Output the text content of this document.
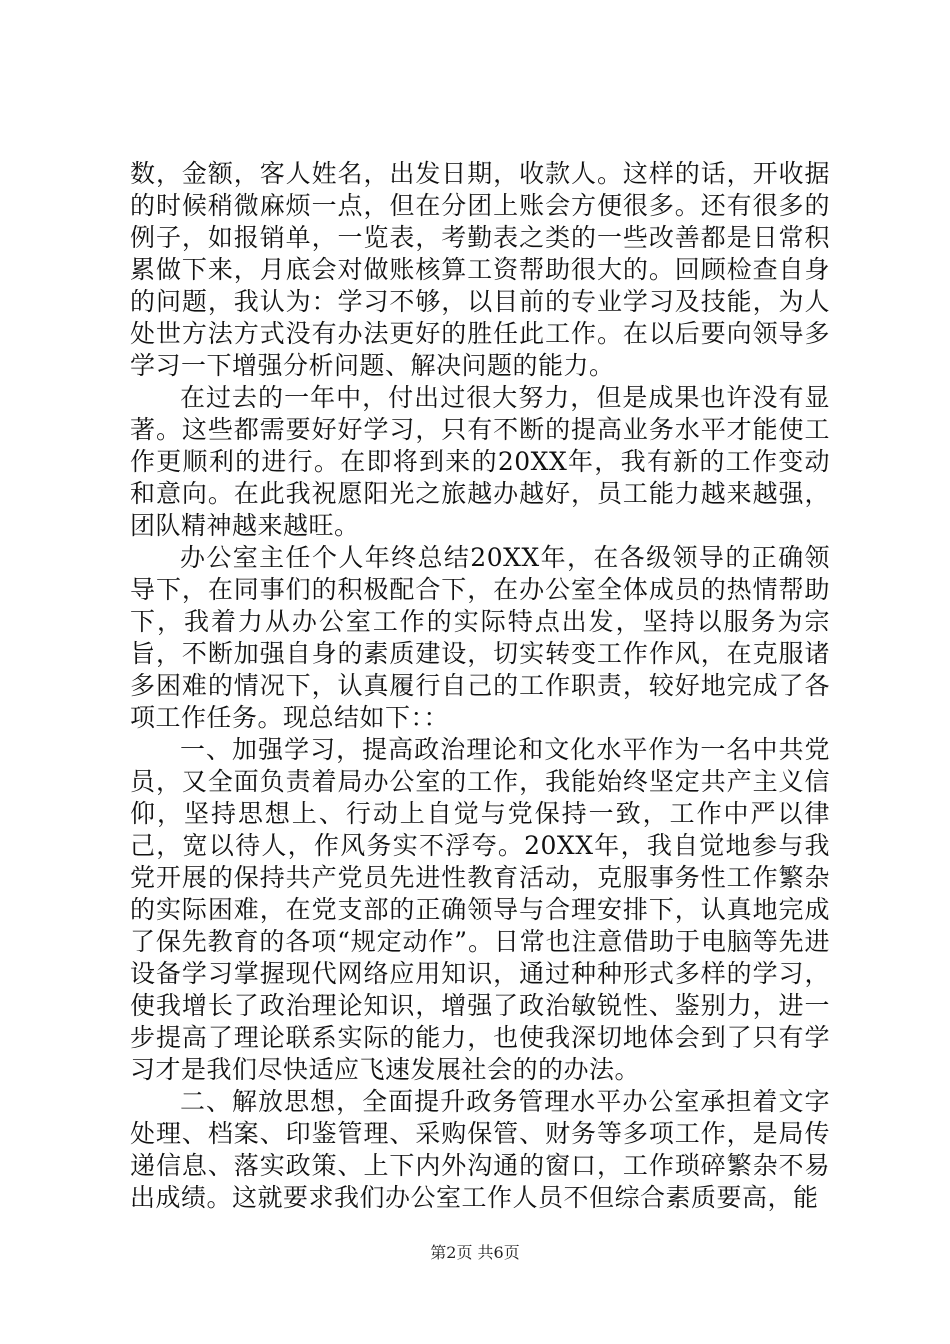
数，金额，客人姓名，出发日期，收款人。这样的话，开收据的时候稍微麻烦一点，但在分团上账会方便很多。还有很多的例子，如报销单，一览表，考勤表之类的一些改善都是日常积累做下来，月底会对做账核算工资帮助很大的。回顾检查自身的问题，我认为：学习不够，以目前的专业学习及技能，为人处世方法方式没有办法更好的胜任此工作。在以后要向领导多学习一下增强分析问题、解决问题的能力。

在过去的一年中，付出过很大努力，但是成果也许没有显著。这些都需要好好学习，只有不断的提高业务水平才能使工作更顺利的进行。在即将到来的20XX年，我有新的工作变动和意向。在此我祝愿阳光之旅越办越好，员工能力越来越强，团队精神越来越旺。

办公室主任个人年终总结20XX年，在各级领导的正确领导下，在同事们的积极配合下，在办公室全体成员的热情帮助下，我着力从办公室工作的实际特点出发，坚持以服务为宗旨，不断加强自身的素质建设，切实转变工作作风，在克服诸多困难的情况下，认真履行自己的工作职责，较好地完成了各项工作任务。现总结如下：：

一、加强学习，提高政治理论和文化水平作为一名中共党员，又全面负责着局办公室的工作，我能始终坚定共产主义信仰，坚持思想上、行动上自觉与党保持一致，工作中严以律己，宽以待人，作风务实不浮夸。20XX年，我自觉地参与我党开展的保持共产党员先进性教育活动，克服事务性工作繁杂的实际困难，在党支部的正确领导与合理安排下，认真地完成了保先教育的各项“规定动作”。日常也注意借助于电脑等先进设备学习掌握现代网络应用知识，通过种种形式多样的学习，使我增长了政治理论知识，增强了政治敏锐性、鉴别力，进一步提高了理论联系实际的能力，也使我深切地体会到了只有学习才是我们尽快适应飞速发展社会的的办法。

二、解放思想，全面提升政务管理水平办公室承担着文字处理、档案、印鉴管理、采购保管、财务等多项工作，是局传递信息、落实政策、上下内外沟通的窗口，工作琐碎繁杂不易出成绩。这就要求我们办公室工作人员不但综合素质要高，能

第2页 共6页
